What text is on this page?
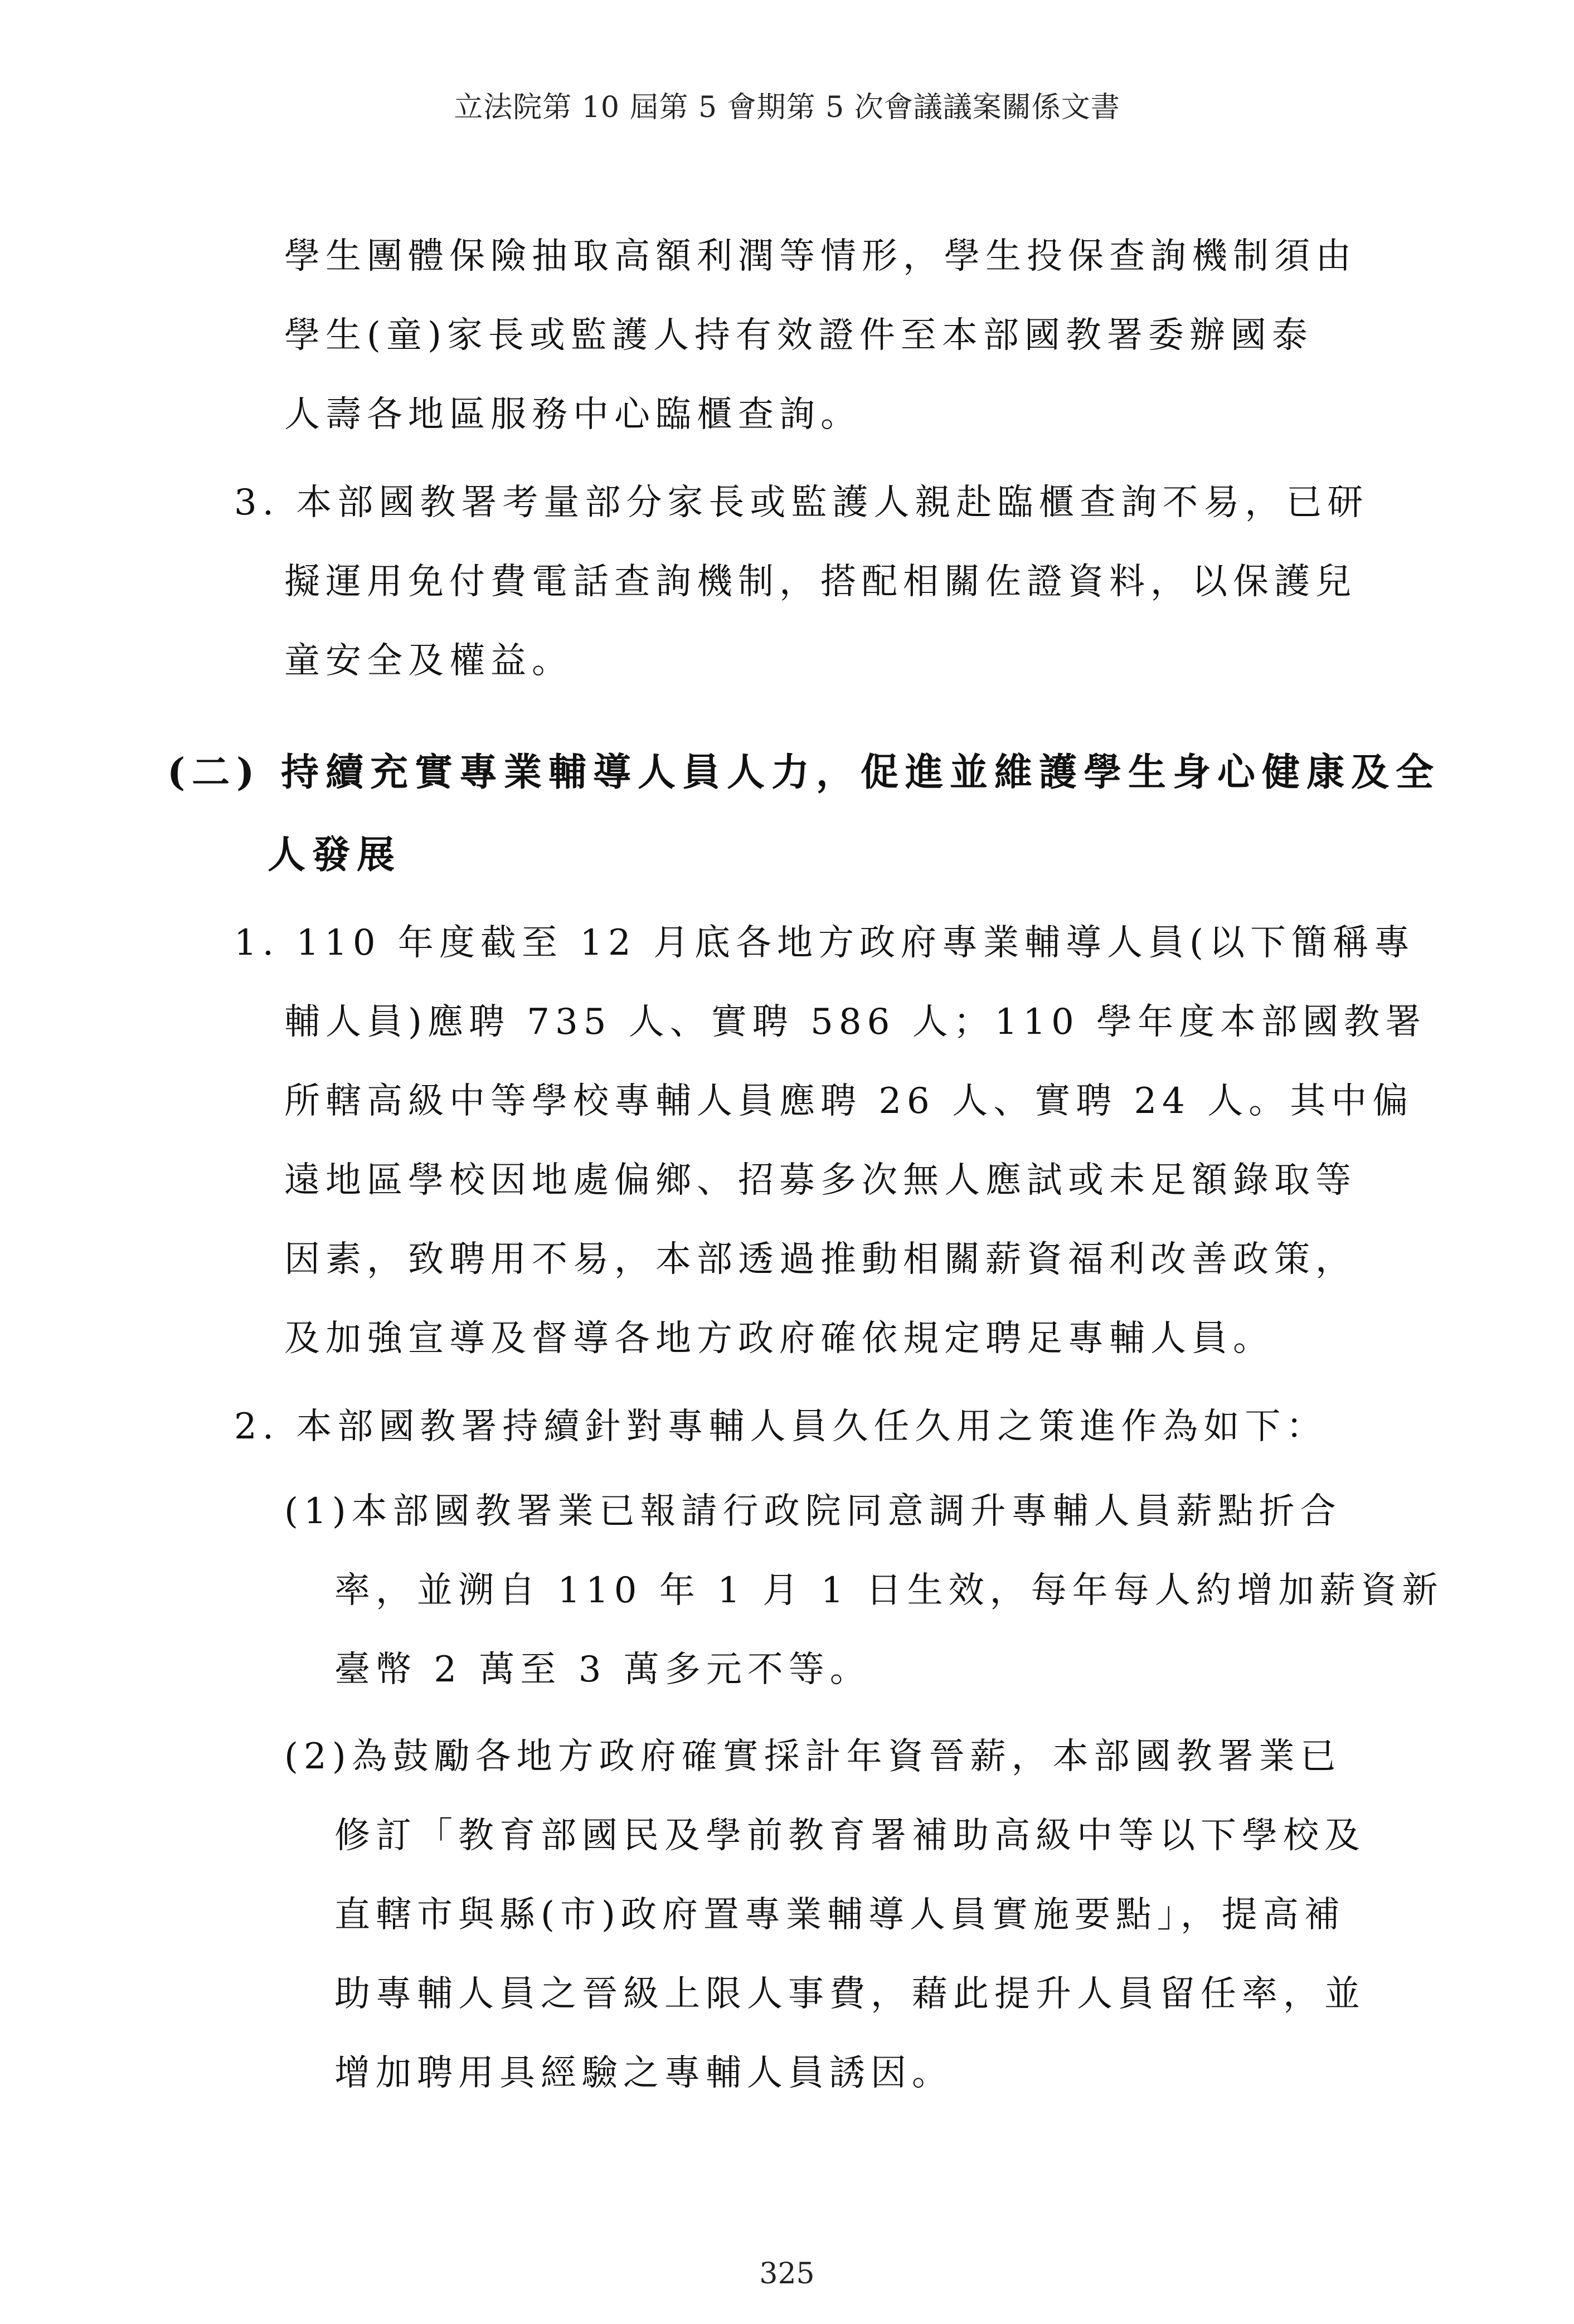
立法院第 10 屆第 5 會期第 5 次會議議案關係文書
學生團體保險抽取高額利潤等情形，學生投保查詢機制須由
學生(童)家長或監護人持有效證件至本部國教署委辦國泰
人壽各地區服務中心臨櫃查詢。
3. 本部國教署考量部分家長或監護人親赴臨櫃查詢不易，已研
擬運用免付費電話查詢機制，搭配相關佐證資料，以保護兒
童安全及權益。
(二) 持續充實專業輔導人員人力，促進並維護學生身心健康及全
人發展
1. 110 年度截至 12 月底各地方政府專業輔導人員(以下簡稱專
輔人員)應聘 735 人、實聘 586 人；110 學年度本部國教署
所轄高級中等學校專輔人員應聘 26 人、實聘 24 人。其中偏
遠地區學校因地處偏鄉、招募多次無人應試或未足額錄取等
因素，致聘用不易，本部透過推動相關薪資福利改善政策，
及加強宣導及督導各地方政府確依規定聘足專輔人員。
2. 本部國教署持續針對專輔人員久任久用之策進作為如下：
(1)本部國教署業已報請行政院同意調升專輔人員薪點折合
率，並溯自 110 年 1 月 1 日生效，每年每人約增加薪資新
臺幣 2 萬至 3 萬多元不等。
(2)為鼓勵各地方政府確實採計年資晉薪，本部國教署業已
修訂「教育部國民及學前教育署補助高級中等以下學校及
直轄市與縣(市)政府置專業輔導人員實施要點」，提高補
助專輔人員之晉級上限人事費，藉此提升人員留任率，並
增加聘用具經驗之專輔人員誘因。
325
